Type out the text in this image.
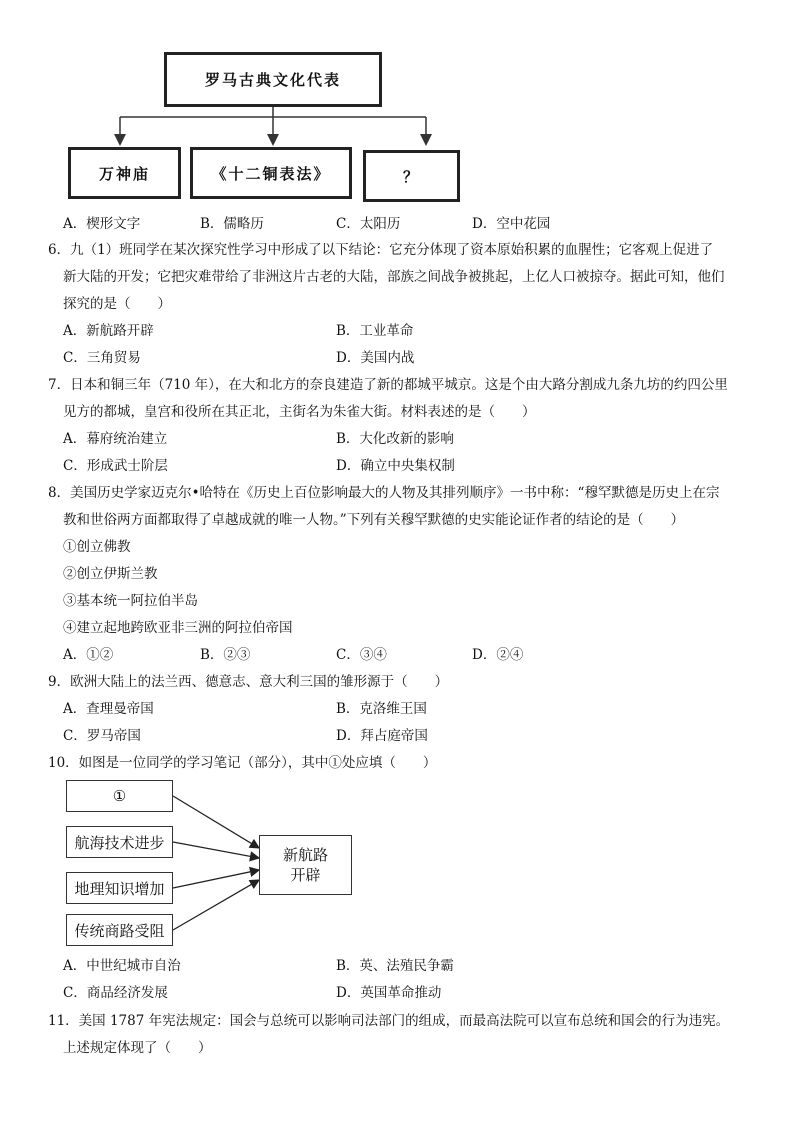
罗马古典文化代表
万神庙	《十二铜表法》	？
A．楔形文字	B．儒略历	C．太阳历	D．空中花园
6．九（1）班同学在某次探究性学习中形成了以下结论：它充分体现了资本原始积累的血腥性；它客观上促进了
新大陆的开发；它把灾难带给了非洲这片古老的大陆，部族之间战争被挑起，上亿人口被掠夺。据此可知，他们
探究的是（　　）
A．新航路开辟	B．工业革命
C．三角贸易	D．美国内战
7．日本和铜三年（710 年），在大和北方的奈良建造了新的都城平城京。这是个由大路分割成九条九坊的约四公里
见方的都城，皇宫和役所在其正北，主街名为朱雀大街。材料表述的是（　　）
A．幕府统治建立	B．大化改新的影响
C．形成武士阶层	D．确立中央集权制
8．美国历史学家迈克尔•哈特在《历史上百位影响最大的人物及其排列顺序》一书中称：“穆罕默德是历史上在宗
教和世俗两方面都取得了卓越成就的唯一人物。”下列有关穆罕默德的史实能论证作者的结论的是（　　）
①创立佛教
②创立伊斯兰教
③基本统一阿拉伯半岛
④建立起地跨欧亚非三洲的阿拉伯帝国
A．①②	B．②③	C．③④	D．②④
9．欧洲大陆上的法兰西、德意志、意大利三国的雏形源于（　　）
A．查理曼帝国	B．克洛维王国
C．罗马帝国	D．拜占庭帝国
10．如图是一位同学的学习笔记（部分），其中①处应填（　　）
①
航海技术进步
地理知识增加
传统商路受阻
新航路
开辟
A．中世纪城市自治	B．英、法殖民争霸
C．商品经济发展	D．英国革命推动
11．美国 1787 年宪法规定：国会与总统可以影响司法部门的组成，而最高法院可以宣布总统和国会的行为违宪。
上述规定体现了（　　）
